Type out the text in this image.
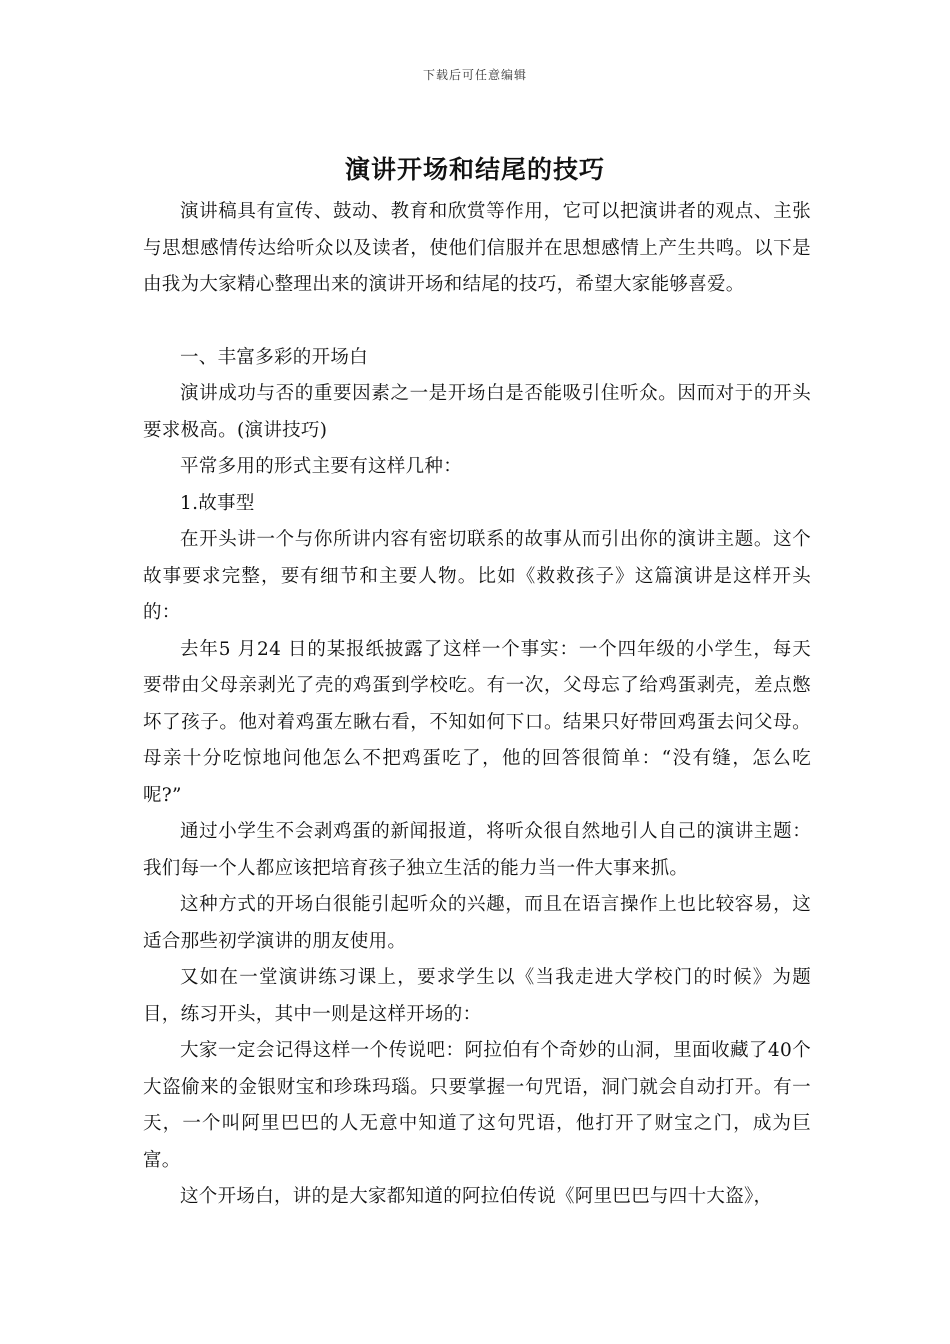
下载后可任意编辑
演讲开场和结尾的技巧

演讲稿具有宣传、鼓动、教育和欣赏等作用，它可以把演讲者的观点、主张与思想感情传达给听众以及读者，使他们信服并在思想感情上产生共鸣。以下是由我为大家精心整理出来的演讲开场和结尾的技巧，希望大家能够喜爱。

一、丰富多彩的开场白

演讲成功与否的重要因素之一是开场白是否能吸引住听众。因而对于的开头要求极高。(演讲技巧)

平常多用的形式主要有这样几种：

1.故事型

在开头讲一个与你所讲内容有密切联系的故事从而引出你的演讲主题。这个故事要求完整，要有细节和主要人物。比如《救救孩子》这篇演讲是这样开头的：

去年5 月24 日的某报纸披露了这样一个事实：一个四年级的小学生，每天要带由父母亲剥光了壳的鸡蛋到学校吃。有一次，父母忘了给鸡蛋剥壳，差点憋坏了孩子。他对着鸡蛋左瞅右看，不知如何下口。结果只好带回鸡蛋去问父母。母亲十分吃惊地问他怎么不把鸡蛋吃了，他的回答很简单：“没有缝，怎么吃呢?”

通过小学生不会剥鸡蛋的新闻报道，将听众很自然地引人自己的演讲主题：我们每一个人都应该把培育孩子独立生活的能力当一件大事来抓。

这种方式的开场白很能引起听众的兴趣，而且在语言操作上也比较容易，这适合那些初学演讲的朋友使用。

又如在一堂演讲练习课上，要求学生以《当我走进大学校门的时候》为题目，练习开头，其中一则是这样开场的：

大家一定会记得这样一个传说吧：阿拉伯有个奇妙的山洞，里面收藏了40个大盗偷来的金银财宝和珍珠玛瑙。只要掌握一句咒语，洞门就会自动打开。有一天，一个叫阿里巴巴的人无意中知道了这句咒语，他打开了财宝之门，成为巨富。

这个开场白，讲的是大家都知道的阿拉伯传说《阿里巴巴与四十大盗》，
